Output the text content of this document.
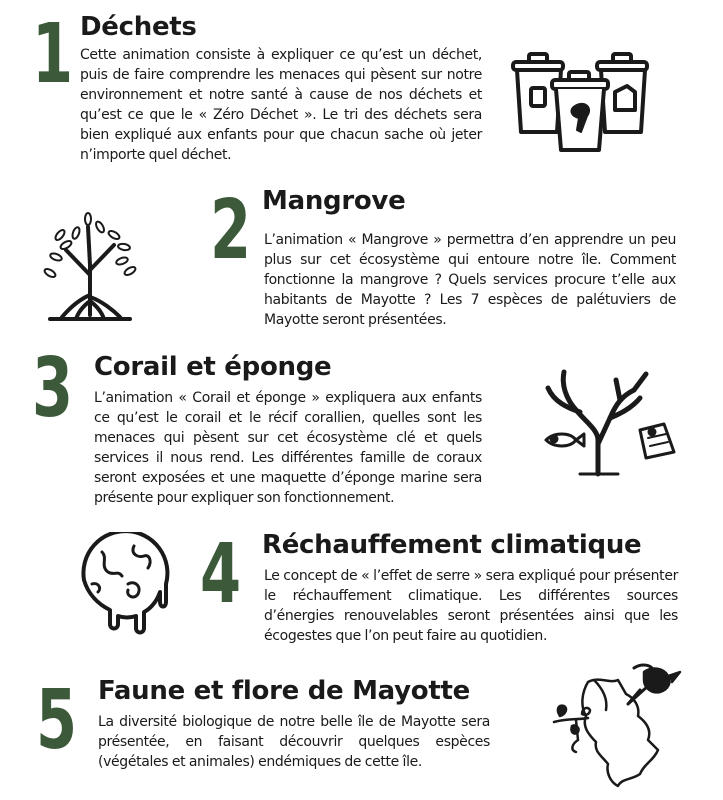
1 Déchets
Cette animation consiste à expliquer ce qu’est un déchet, puis de faire comprendre les menaces qui pèsent sur notre environnement et notre santé à cause de nos déchets et qu’est ce que le « Zéro Déchet ». Le tri des déchets sera bien expliqué aux enfants pour que chacun sache où jeter n’importe quel déchet.
2 Mangrove
L’animation « Mangrove » permettra d’en apprendre un peu plus sur cet écosystème qui entoure notre île. Comment fonctionne la mangrove ? Quels services procure t’elle aux habitants de Mayotte ? Les 7 espèces de palétuviers de Mayotte seront présentées.
3 Corail et éponge
L’animation « Corail et éponge » expliquera aux enfants ce qu’est le corail et le récif corallien, quelles sont les menaces qui pèsent sur cet écosystème clé et quels services il nous rend. Les différentes famille de coraux seront exposées et une maquette d’éponge marine sera présente pour expliquer son fonctionnement.
4 Réchauffement climatique
Le concept de « l’effet de serre » sera expliqué pour présenter le réchauffement climatique. Les différentes sources d’énergies renouvelables seront présentées ainsi que les écogestes que l’on peut faire au quotidien.
5 Faune et flore de Mayotte
La diversité biologique de notre belle île de Mayotte sera présentée, en faisant découvrir quelques espèces (végétales et animales) endémiques de cette île.
